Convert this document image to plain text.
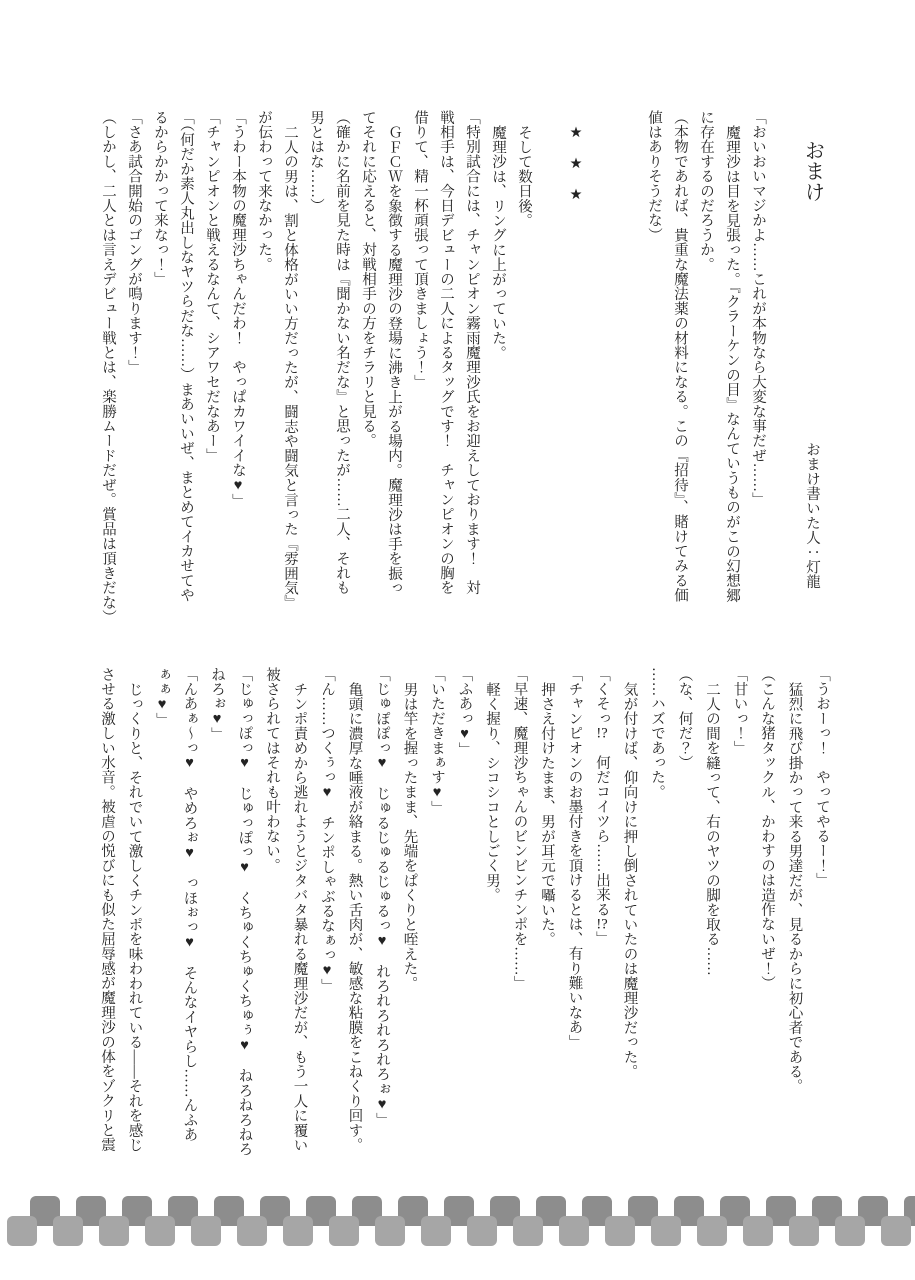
おまけおまけ書いた人：灯龍
「おいおいマジかよ……これが本物なら大変な事だぜ……」
魔理沙は目を見張った。『クラーケンの目』なんていうものがこの幻想郷
に存在するのだろうか。
（本物であれば、貴重な魔法薬の材料になる。この『招待』、賭けてみる価
値はありそうだな）
★　★　★
そして数日後。
魔理沙は、リングに上がっていた。
「特別試合には、チャンピオン霧雨魔理沙氏をお迎えしております！　対
戦相手は、今日デビューの二人によるタッグです！　チャンピオンの胸を
借りて、精一杯頑張って頂きましょう！」
ＧＦＣＷを象徴する魔理沙の登場に沸き上がる場内。魔理沙は手を振っ
てそれに応えると、対戦相手の方をチラリと見る。
（確かに名前を見た時は『聞かない名だな』と思ったが……二人、それも
男とはな……）
二人の男は、割と体格がいい方だったが、闘志や闘気と言った『雰囲気』
が伝わって来なかった。
「うわー本物の魔理沙ちゃんだわ！　やっぱカワイイな♥」
「チャンピオンと戦えるなんて、シアワセだなあー」
「（何だか素人丸出しなヤツらだな……）まあいいぜ、まとめてイカせてや
るからかかって来なっ！」
「さあ試合開始のゴングが鳴ります！」
（しかし、二人とは言えデビュー戦とは、楽勝ムードだぜ。賞品は頂きだな）
「うおーっ！　やってやるー！」
猛烈に飛び掛かって来る男達だが、見るからに初心者である。
（こんな猪タックル、かわすのは造作ないぜ！）
「甘いっ！」
二人の間を縫って、右のヤツの脚を取る……
（な、何だ？）
……ハズであった。
気が付けば、仰向けに押し倒されていたのは魔理沙だった。
「くそっ!?　何だコイツら……出来る!?」
「チャンピオンのお墨付きを頂けるとは、有り難いなあ」
押さえ付けたまま、男が耳元で囁いた。
「早速、魔理沙ちゃんのビンビンチンポを……」
軽く握り、シコシコとしごく男。
「ふあっ♥」
「いただきまぁす♥」
男は竿を握ったまま、先端をぱくりと咥えた。
「じゅぽぽっ♥　じゅるじゅるじゅるっ♥　れろれろれろれろぉ♥」
亀頭に濃厚な唾液が絡まる。熱い舌肉が、敏感な粘膜をこねくり回す。
「ん……つくぅっ♥　チンポしゃぶるなぁっ♥」
チンポ責めから逃れようとジタバタ暴れる魔理沙だが、もう一人に覆い
被さられてはそれも叶わない。
「じゅっぽっ♥　じゅっぽっ♥　くちゅくちゅくちゅぅ♥　ねろねろねろ
ねろぉ♥」
「んあぁ～っ♥　やめろぉ♥　っほぉっ♥　そんなイヤらし……んふあ
ぁぁ♥」
じっくりと、それでいて激しくチンポを味わわれている――それを感じ
させる激しい水音。被虐の悦びにも似た屈辱感が魔理沙の体をゾクリと震
